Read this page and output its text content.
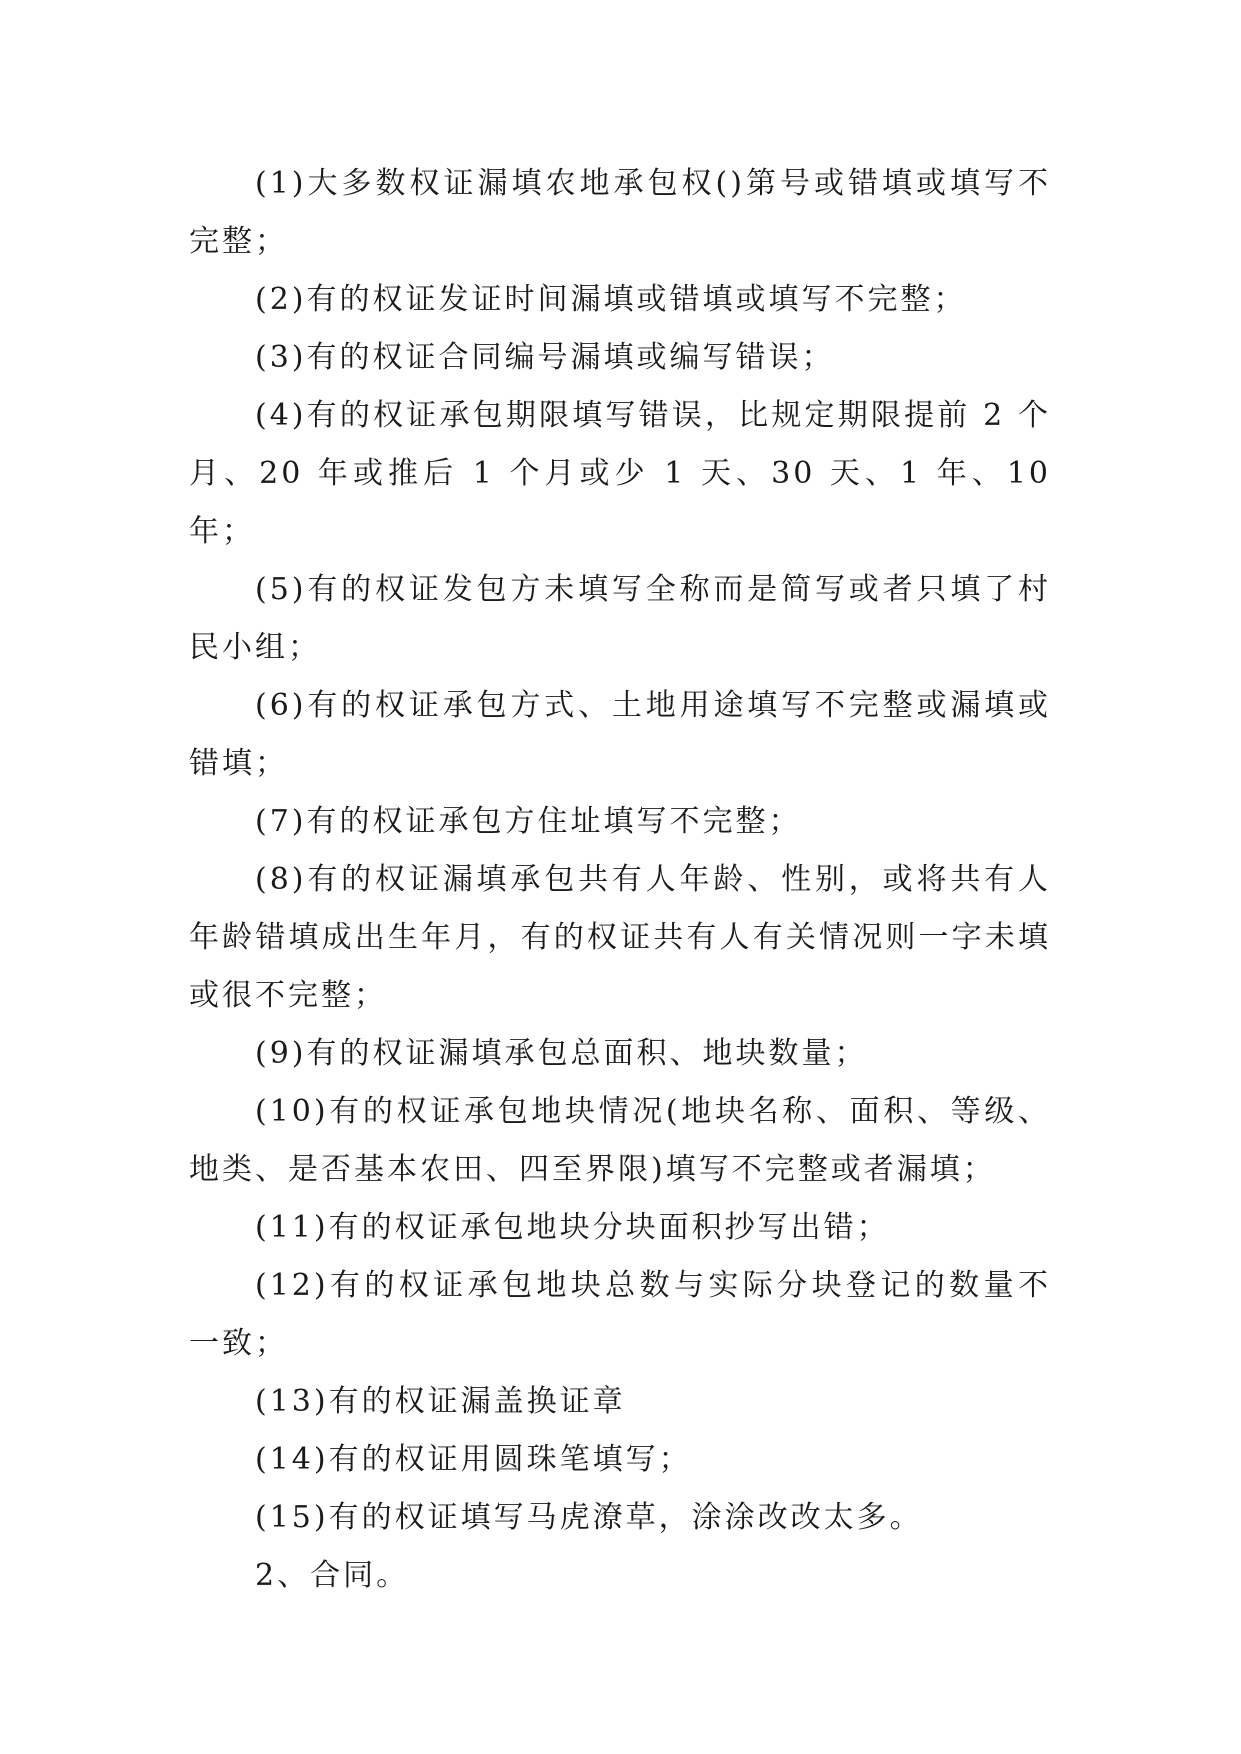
(1)大多数权证漏填农地承包权()第号或错填或填写不完整；

(2)有的权证发证时间漏填或错填或填写不完整；

(3)有的权证合同编号漏填或编写错误；

(4)有的权证承包期限填写错误，比规定期限提前 2 个月、20 年或推后 1 个月或少 1 天、30 天、1 年、10 年；

(5)有的权证发包方未填写全称而是简写或者只填了村民小组；

(6)有的权证承包方式、土地用途填写不完整或漏填或错填；

(7)有的权证承包方住址填写不完整；

(8)有的权证漏填承包共有人年龄、性别，或将共有人年龄错填成出生年月，有的权证共有人有关情况则一字未填或很不完整；

(9)有的权证漏填承包总面积、地块数量；

(10)有的权证承包地块情况(地块名称、面积、等级、地类、是否基本农田、四至界限)填写不完整或者漏填；

(11)有的权证承包地块分块面积抄写出错；

(12)有的权证承包地块总数与实际分块登记的数量不一致；

(13)有的权证漏盖换证章

(14)有的权证用圆珠笔填写；

(15)有的权证填写马虎潦草，涂涂改改太多。

2、合同。
